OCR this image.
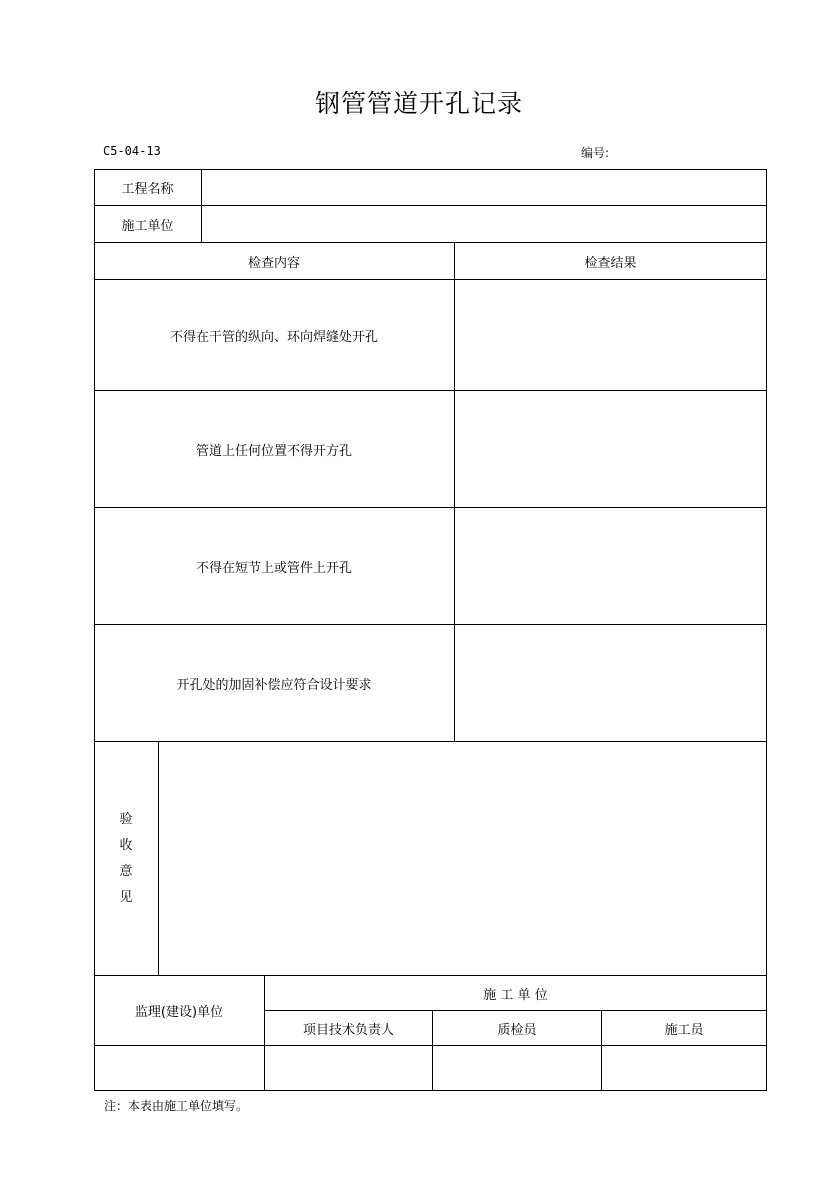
钢管管道开孔记录
C5-04-13	编号:
工程名称
施工单位
检查内容	检查结果
不得在干管的纵向、环向焊缝处开孔
管道上任何位置不得开方孔
不得在短节上或管件上开孔
开孔处的加固补偿应符合设计要求
验
收
意
见
监理(建设)单位
施 工 单 位
项目技术负责人	质检员	施工员
注：本表由施工单位填写。
